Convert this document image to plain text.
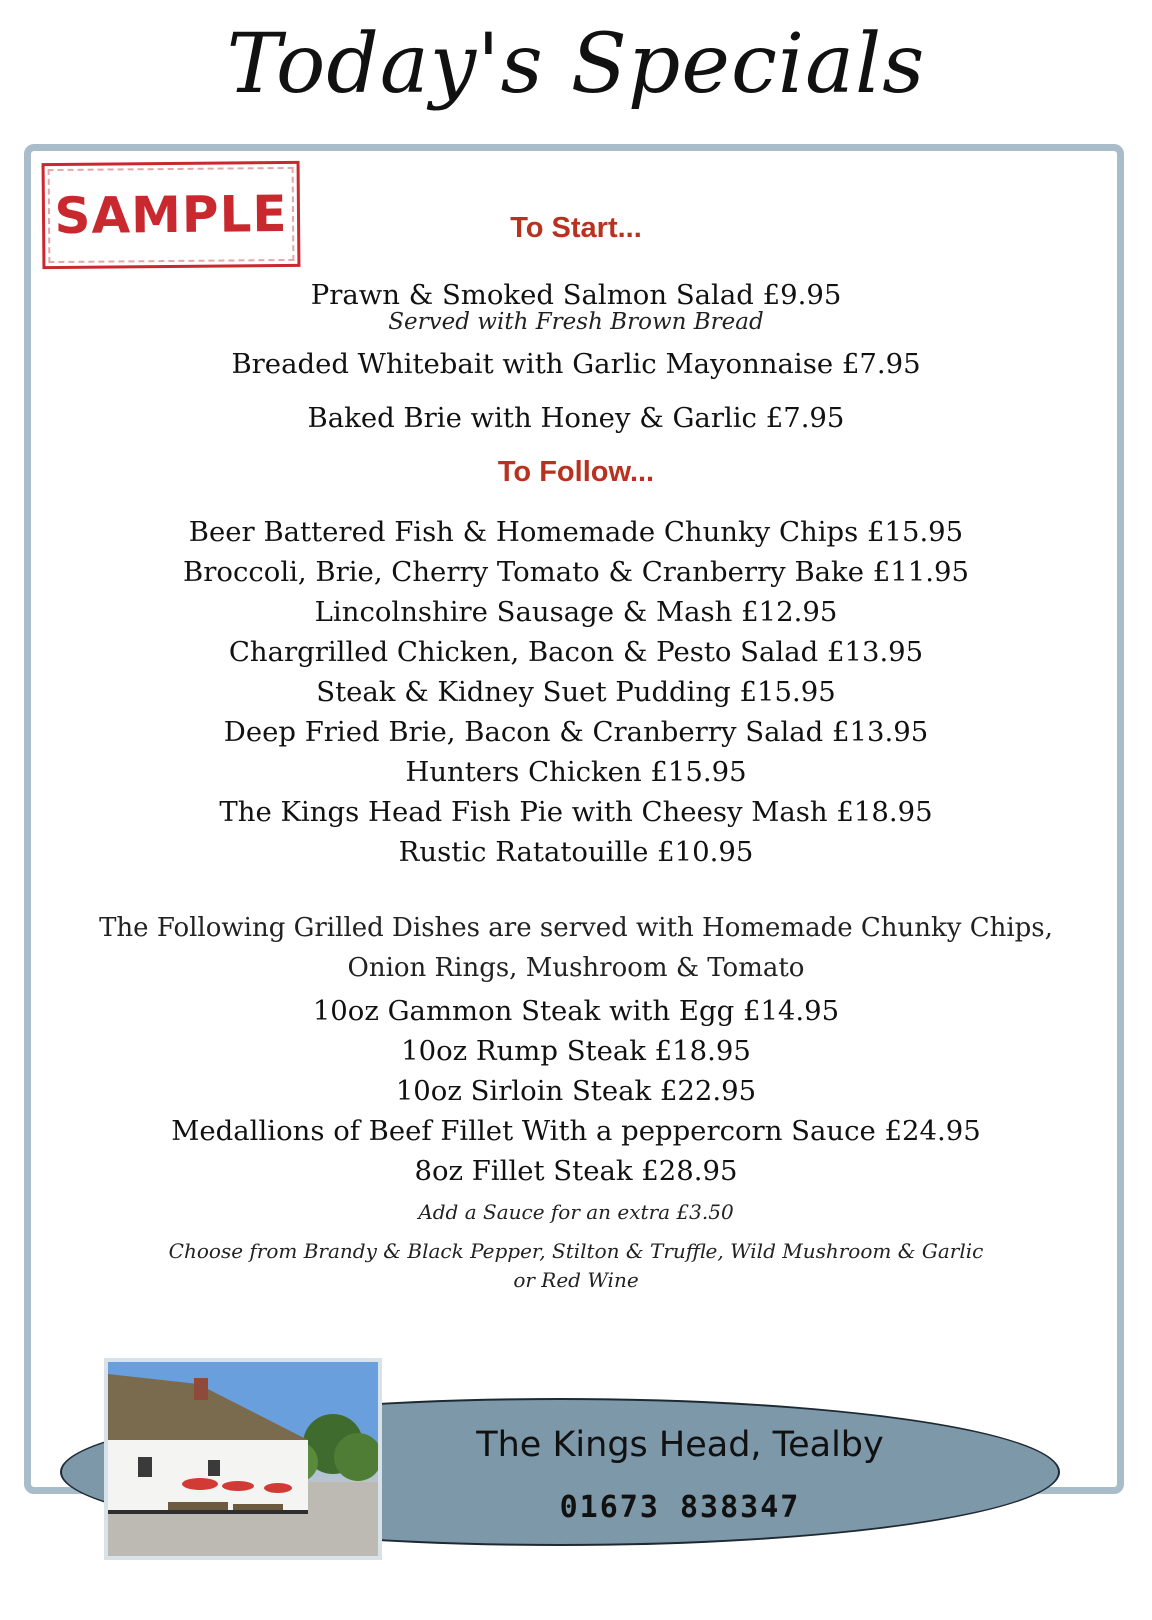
Today's Specials
SAMPLE	To Start...
Prawn & Smoked Salmon Salad £9.95
Served with Fresh Brown Bread
Breaded Whitebait with Garlic Mayonnaise £7.95
Baked Brie with Honey & Garlic £7.95
To Follow...
Beer Battered Fish & Homemade Chunky Chips £15.95
Broccoli, Brie, Cherry Tomato & Cranberry Bake £11.95
Lincolnshire Sausage & Mash £12.95
Chargrilled Chicken, Bacon & Pesto Salad £13.95
Steak & Kidney Suet Pudding £15.95
Deep Fried Brie, Bacon & Cranberry Salad £13.95
Hunters Chicken £15.95
The Kings Head Fish Pie with Cheesy Mash £18.95
Rustic Ratatouille £10.95
The Following Grilled Dishes are served with Homemade Chunky Chips,
Onion Rings, Mushroom & Tomato
10oz Gammon Steak with Egg £14.95
10oz Rump Steak £18.95
10oz Sirloin Steak £22.95
Medallions of Beef Fillet With a peppercorn Sauce £24.95
8oz Fillet Steak £28.95
Add a Sauce for an extra £3.50
Choose from Brandy & Black Pepper, Stilton & Truffle, Wild Mushroom & Garlic
or Red Wine
The Kings Head, Tealby
01673 838347
